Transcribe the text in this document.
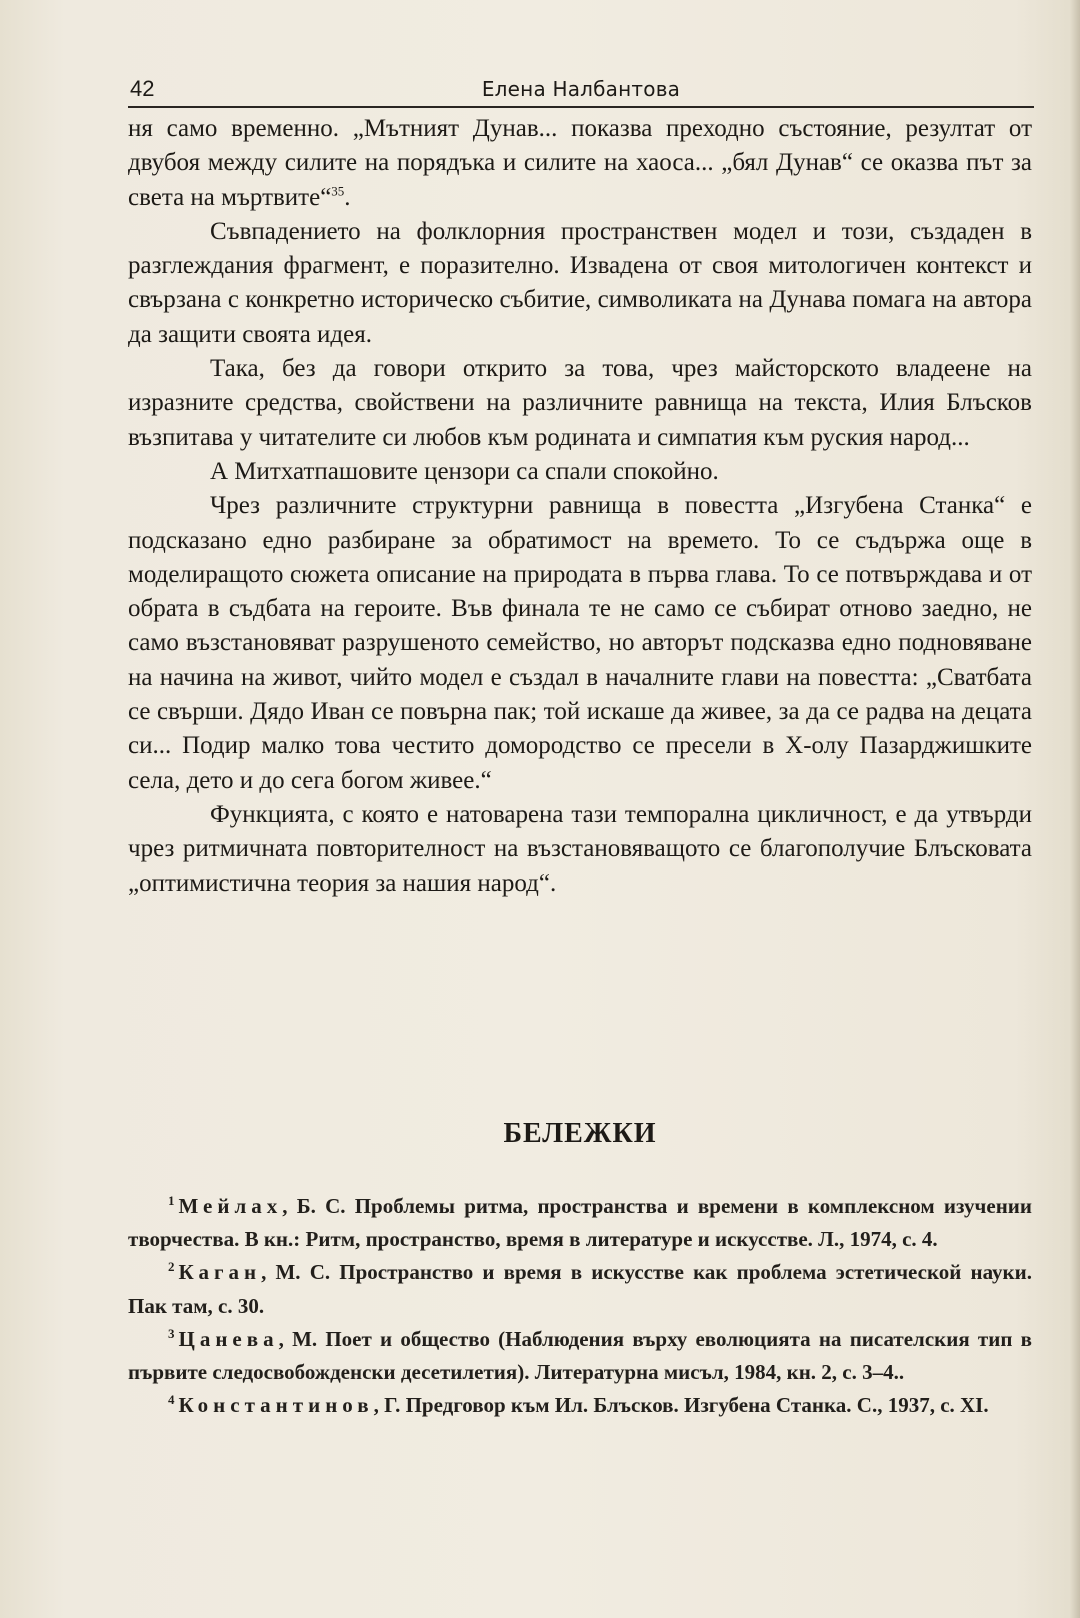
42	Елена Налбантова

ня само временно. „Мътният Дунав... показва преходно състояние, резултат от двубоя между силите на порядъка и силите на хаоса... „бял Дунав“ се оказва път за света на мъртвите“$^{35}$.

Съвпадението на фолклорния пространствен модел и този, създаден в разглеждания фрагмент, е поразително. Извадена от своя митологичен контекст и свързана с конкретно историческо събитие, символиката на Дунава помага на автора да защити своята идея.

Така, без да говори открито за това, чрез майсторското владеене на изразните средства, свойствени на различните равнища на текста, Илия Блъсков възпитава у читателите си любов към родината и симпатия към руския народ...

А Митхатпашовите цензори са спали спокойно.

Чрез различните структурни равнища в повестта „Изгубена Станка“ е подсказано едно разбиране за обратимост на времето. То се съдържа още в моделиращото сюжета описание на природата в първа глава. То се потвърждава и от обрата в съдбата на героите. Във финала те не само се събират отново заедно, не само възстановяват разрушеното семейство, но авторът подсказва едно подновяване на начина на живот, чийто модел е създал в началните глави на повестта: „Сватбата се свърши. Дядо Иван се повърна пак; той искаше да живее, за да се радва на децата си... Подир малко това честито домородство се пресели в Х-олу Пазарджишките села, дето и до сега богом живее.“

Функцията, с която е натоварена тази темпорална цикличност, е да утвърди чрез ритмичната повторителност на възстановяващото се благополучие Блъсковата „оптимистична теория за нашия народ“.

БЕЛЕЖКИ

$^1$ Мейлах, Б. С. Проблемы ритма, пространства и времени в комплексном изучении творчества. В кн.: Ритм, пространство, время в литературе и искусстве. Л., 1974, с. 4.

$^2$ Каган, М. С. Пространство и время в искусстве как проблема эстетической науки. Пак там, с. 30.

$^3$ Цанева, М. Поет и общество (Наблюдения върху еволюцията на писателския тип в първите следосвобожденски десетилетия). Литературна мисъл, 1984, кн. 2, с. 3–4..

$^4$ Константинов, Г. Предговор към Ил. Блъсков. Изгубена Станка. С., 1937, с. XI.
